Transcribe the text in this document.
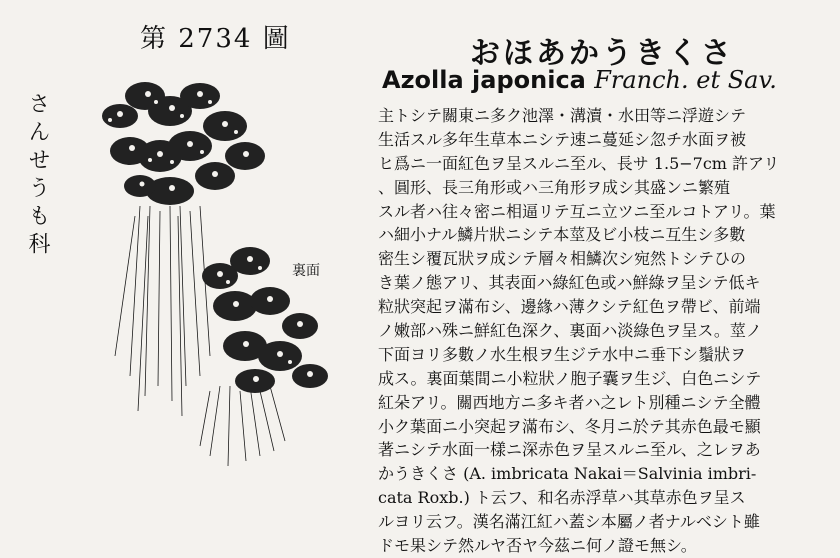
第 2734 圖
さんせうも科
裏面
おほあかうきくさ
Azolla japonica Franch. et Sav.
主トシテ關東ニ多ク池澤・溝瀆・水田等ニ浮遊シテ
生活スル多年生草本ニシテ速ニ蔓延シ忽チ水面ヲ被
ヒ爲ニ一面紅色ヲ呈スルニ至ル、長サ 1.5−7cm 許アリ
、圓形、長三角形或ハ三角形ヲ成シ其盛ンニ繁殖
スル者ハ往々密ニ相逼リテ互ニ立ツニ至ルコトアリ。葉
ハ細小ナル鱗片狀ニシテ本莖及ビ小枝ニ互生シ多數
密生シ覆瓦狀ヲ成シテ層々相鱗次シ宛然トシテひの
き葉ノ態アリ、其表面ハ綠紅色或ハ鮮綠ヲ呈シテ低キ
粒狀突起ヲ滿布シ、邊緣ハ薄クシテ紅色ヲ帶ビ、前端
ノ嫩部ハ殊ニ鮮紅色深ク、裏面ハ淡綠色ヲ呈ス。莖ノ
下面ヨリ多數ノ水生根ヲ生ジテ水中ニ垂下シ鬚狀ヲ
成ス。裏面葉間ニ小粒狀ノ胞子囊ヲ生ジ、白色ニシテ
紅朵アリ。關西地方ニ多キ者ハ之レト別種ニシテ全體
小ク葉面ニ小突起ヲ滿布シ、冬月ニ於テ其赤色最モ顯
著ニシテ水面一樣ニ深赤色ヲ呈スルニ至ル、之レヲあ
かうきくさ (A. imbricata Nakai＝Salvinia imbri-
cata Roxb.) ト云フ、和名赤浮草ハ其草赤色ヲ呈ス
ルヨリ云フ。漢名滿江紅ハ蓋シ本屬ノ者ナルベシト雖
ドモ果シテ然ルヤ否ヤ今茲ニ何ノ證モ無シ。
